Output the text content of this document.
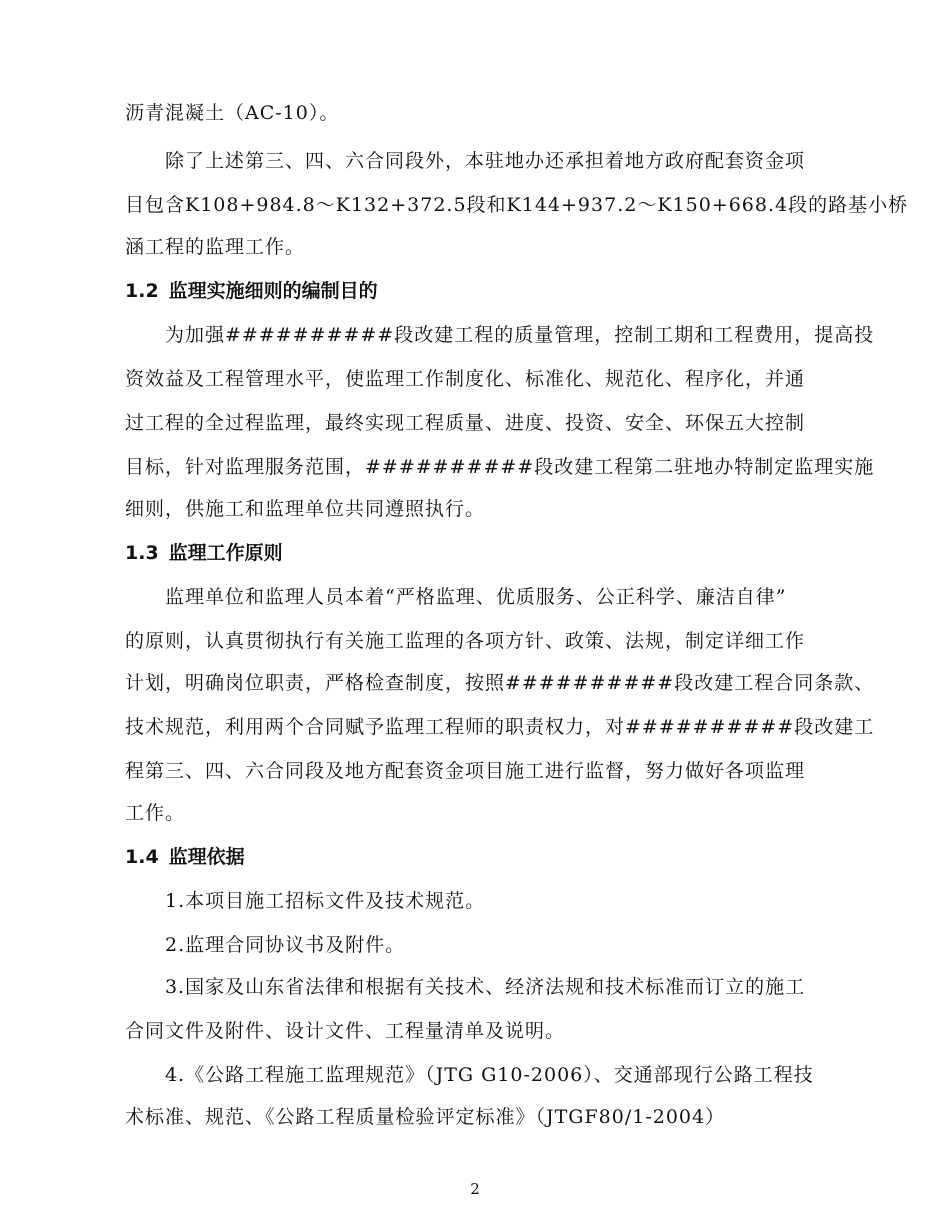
沥青混凝土（AC-10）。
除了上述第三、四、六合同段外，本驻地办还承担着地方政府配套资金项
目包含K108+984.8～K132+372.5段和K144+937.2～K150+668.4段的路基小桥
涵工程的监理工作。
1.2 监理实施细则的编制目的
为加强##########段改建工程的质量管理，控制工期和工程费用，提高投
资效益及工程管理水平，使监理工作制度化、标准化、规范化、程序化，并通
过工程的全过程监理，最终实现工程质量、进度、投资、安全、环保五大控制
目标，针对监理服务范围，##########段改建工程第二驻地办特制定监理实施
细则，供施工和监理单位共同遵照执行。
1.3 监理工作原则
监理单位和监理人员本着“严格监理、优质服务、公正科学、廉洁自律”
的原则，认真贯彻执行有关施工监理的各项方针、政策、法规，制定详细工作
计划，明确岗位职责，严格检查制度，按照##########段改建工程合同条款、
技术规范，利用两个合同赋予监理工程师的职责权力，对##########段改建工
程第三、四、六合同段及地方配套资金项目施工进行监督，努力做好各项监理
工作。
1.4 监理依据
1.本项目施工招标文件及技术规范。
2.监理合同协议书及附件。
3.国家及山东省法律和根据有关技术、经济法规和技术标准而订立的施工
合同文件及附件、设计文件、工程量清单及说明。
4.《公路工程施工监理规范》（JTG G10-2006）、交通部现行公路工程技
术标准、规范、《公路工程质量检验评定标准》（JTGF80/1-2004）
2
